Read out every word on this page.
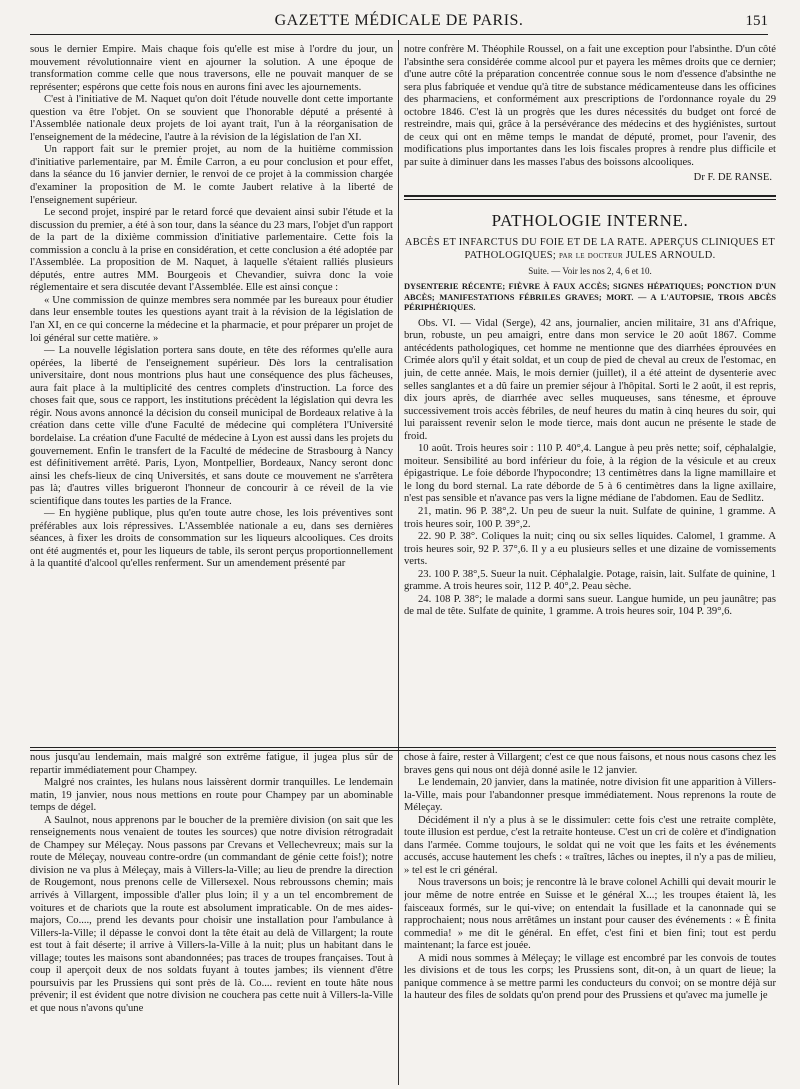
GAZETTE MÉDICALE DE PARIS.	151

sous le dernier Empire. Mais chaque fois qu'elle est mise à l'ordre du jour, un mouvement révolutionnaire vient en ajourner la solution. A une époque de transformation comme celle que nous traversons, elle ne pouvait manquer de se représenter; espérons que cette fois nous en aurons fini avec les ajournements.

C'est à l'initiative de M. Naquet qu'on doit l'étude nouvelle dont cette importante question va être l'objet. On se souvient que l'honorable député a présenté à l'Assemblée nationale deux projets de loi ayant trait, l'un à la réorganisation de l'enseignement de la médecine, l'autre à la révision de la législation de l'an XI.

Un rapport fait sur le premier projet, au nom de la huitième commission d'initiative parlementaire, par M. Émile Carron, a eu pour conclusion et pour effet, dans la séance du 16 janvier dernier, le renvoi de ce projet à la commission chargée d'examiner la proposition de M. le comte Jaubert relative à la liberté de l'enseignement supérieur.

Le second projet, inspiré par le retard forcé que devaient ainsi subir l'étude et la discussion du premier, a été à son tour, dans la séance du 23 mars, l'objet d'un rapport de la part de la dixième commission d'initiative parlementaire. Cette fois la commission a conclu à la prise en considération, et cette conclusion a été adoptée par l'Assemblée. La proposition de M. Naquet, à laquelle s'étaient ralliés plusieurs députés, entre autres MM. Bourgeois et Chevandier, suivra donc la voie réglementaire et sera discutée devant l'Assemblée. Elle est ainsi conçue :

« Une commission de quinze membres sera nommée par les bureaux pour étudier dans leur ensemble toutes les questions ayant trait à la révision de la législation de l'an XI, en ce qui concerne la médecine et la pharmacie, et pour préparer un projet de loi général sur cette matière. »

— La nouvelle législation portera sans doute, en tête des réformes qu'elle aura opérées, la liberté de l'enseignement supérieur. Dès lors la centralisation universitaire, dont nous montrions plus haut une conséquence des plus fâcheuses, aura fait place à la multiplicité des centres complets d'instruction. La force des choses fait que, sous ce rapport, les institutions précèdent la législation qui devra les régir. Nous avons annoncé la décision du conseil municipal de Bordeaux relative à la création dans cette ville d'une Faculté de médecine qui complétera l'Université bordelaise. La création d'une Faculté de médecine à Lyon est aussi dans les projets du gouvernement. Enfin le transfert de la Faculté de médecine de Strasbourg à Nancy est définitivement arrêté. Paris, Lyon, Montpellier, Bordeaux, Nancy seront donc ainsi les chefs-lieux de cinq Universités, et sans doute ce mouvement ne s'arrêtera pas là; d'autres villes brigueront l'honneur de concourir à ce réveil de la vie scientifique dans toutes les parties de la France.

— En hygiène publique, plus qu'en toute autre chose, les lois préventives sont préférables aux lois répressives. L'Assemblée nationale a eu, dans ses dernières séances, à fixer les droits de consommation sur les liqueurs alcooliques. Ces droits ont été augmentés et, pour les liqueurs de table, ils seront perçus proportionnellement à la quantité d'alcool qu'elles renferment. Sur un amendement présenté par

notre confrère M. Théophile Roussel, on a fait une exception pour l'absinthe. D'un côté l'absinthe sera considérée comme alcool pur et payera les mêmes droits que ce dernier; d'une autre côté la préparation concentrée connue sous le nom d'essence d'absinthe ne sera plus fabriquée et vendue qu'à titre de substance médicamenteuse dans les officines des pharmaciens, et conformément aux prescriptions de l'ordonnance royale du 29 octobre 1846. C'est là un progrès que les dures nécessités du budget ont forcé de restreindre, mais qui, grâce à la persévérance des médecins et des hygiénistes, surtout de ceux qui ont en même temps le mandat de député, promet, pour l'avenir, des modifications plus importantes dans les lois fiscales propres à rendre plus difficile et par suite à diminuer dans les masses l'abus des boissons alcooliques.

Dr F. DE RANSE.
PATHOLOGIE INTERNE.
ABCÈS ET INFARCTUS DU FOIE ET DE LA RATE. APERÇUS CLINIQUES ET PATHOLOGIQUES; par le docteur JULES ARNOULD.
Suite. — Voir les nos 2, 4, 6 et 10.
DYSENTERIE RÉCENTE; FIÈVRE À FAUX ACCÈS; SIGNES HÉPATIQUES; PONCTION D'UN ABCÈS; MANIFESTATIONS FÉBRILES GRAVES; MORT. — A L'AUTOPSIE, TROIS ABCÈS PÉRIPHÉRIQUES.

Obs. VI. — Vidal (Serge), 42 ans, journalier, ancien militaire, 31 ans d'Afrique, brun, robuste, un peu amaigri, entre dans mon service le 20 août 1867. Comme antécédents pathologiques, cet homme ne mentionne que des diarrhées éprouvées en Crimée alors qu'il y était soldat, et un coup de pied de cheval au creux de l'estomac, en juin, de cette année. Mais, le mois dernier (juillet), il a été atteint de dysenterie avec selles sanglantes et a dû faire un premier séjour à l'hôpital. Sorti le 2 août, il est repris, dix jours après, de diarrhée avec selles muqueuses, sans ténesme, et éprouve successivement trois accès fébriles, de neuf heures du matin à cinq heures du soir, qui lui paraissent revenir selon le mode tierce, mais dont aucun ne présente le stade de froid.

10 août. Trois heures soir : 110 P. 40°,4. Langue à peu près nette; soif, céphalalgie, moiteur. Sensibilité au bord inférieur du foie, à la région de la vésicule et au creux épigastrique. Le foie déborde l'hypocondre; 13 centimètres dans la ligne mamillaire et le long du bord sternal. La rate déborde de 5 à 6 centimètres dans la ligne axillaire, n'est pas sensible et n'avance pas vers la ligne médiane de l'abdomen. Eau de Sedlitz.

21, matin. 96 P. 38°,2. Un peu de sueur la nuit. Sulfate de quinine, 1 gramme. A trois heures soir, 100 P. 39°,2.

22. 90 P. 38°. Coliques la nuit; cinq ou six selles liquides. Calomel, 1 gramme. A trois heures soir, 92 P. 37°,6. Il y a eu plusieurs selles et une dizaine de vomissements verts.

23. 100 P. 38°,5. Sueur la nuit. Céphalalgie. Potage, raisin, lait. Sulfate de quinine, 1 gramme. A trois heures soir, 112 P. 40°,2. Peau sèche.

24. 108 P. 38°; le malade a dormi sans sueur. Langue humide, un peu jaunâtre; pas de mal de tête. Sulfate de quinite, 1 gramme. A trois heures soir, 104 P. 39°,6.

nous jusqu'au lendemain, mais malgré son extrême fatigue, il jugea plus sûr de repartir immédiatement pour Champey.

Malgré nos craintes, les hulans nous laissèrent dormir tranquilles. Le lendemain matin, 19 janvier, nous nous mettions en route pour Champey par un abominable temps de dégel.

A Saulnot, nous apprenons par le boucher de la première division (on sait que les renseignements nous venaient de toutes les sources) que notre division rétrogradait de Champey sur Méleçay. Nous passons par Crevans et Vellechevreux; mais sur la route de Méleçay, nouveau contre-ordre (un commandant de génie cette fois!); notre division ne va plus à Méleçay, mais à Villers-la-Ville; au lieu de prendre la direction de Rougemont, nous prenons celle de Villersexel. Nous rebroussons chemin; mais arrivés à Villargent, impossible d'aller plus loin; il y a un tel encombrement de voitures et de chariots que la route est absolument impraticable. On de mes aides-majors, Co...., prend les devants pour choisir une installation pour l'ambulance à Villers-la-Ville; il dépasse le convoi dont la tête était au delà de Villargent; la route est tout à fait déserte; il arrive à Villers-la-Ville à la nuit; plus un habitant dans le village; toutes les maisons sont abandonnées; pas traces de troupes françaises. Tout à coup il aperçoit deux de nos soldats fuyant à toutes jambes; ils viennent d'être poursuivis par les Prussiens qui sont près de là. Co.... revient en toute hâte nous prévenir; il est évident que notre division ne couchera pas cette nuit à Villers-la-Ville et que nous n'avons qu'une

chose à faire, rester à Villargent; c'est ce que nous faisons, et nous nous casons chez les braves gens qui nous ont déjà donné asile le 12 janvier.

Le lendemain, 20 janvier, dans la matinée, notre division fit une apparition à Villers-la-Ville, mais pour l'abandonner presque immédiatement. Nous reprenons la route de Méleçay.

Décidément il n'y a plus à se le dissimuler: cette fois c'est une retraite complète, toute illusion est perdue, c'est la retraite honteuse. C'est un cri de colère et d'indignation dans l'armée. Comme toujours, le soldat qui ne voit que les faits et les événements accusés, accuse hautement les chefs : « traîtres, lâches ou ineptes, il n'y a pas de milieu, » tel est le cri général.

Nous traversons un bois; je rencontre là le brave colonel Achilli qui devait mourir le jour même de notre entrée en Suisse et le général X...; les troupes étaient là, les faisceaux formés, sur le qui-vive; on entendait la fusillade et la canonnade qui se rapprochaient; nous nous arrêtâmes un instant pour causer des événements : « È finita commedia! » me dit le général. En effet, c'est fini et bien fini; tout est perdu maintenant; la farce est jouée.

A midi nous sommes à Méleçay; le village est encombré par les convois de toutes les divisions et de tous les corps; les Prussiens sont, dit-on, à un quart de lieue; la panique commence à se mettre parmi les conducteurs du convoi; on se montre déjà sur la hauteur des files de soldats qu'on prend pour des Prussiens et qu'avec ma jumelle je
